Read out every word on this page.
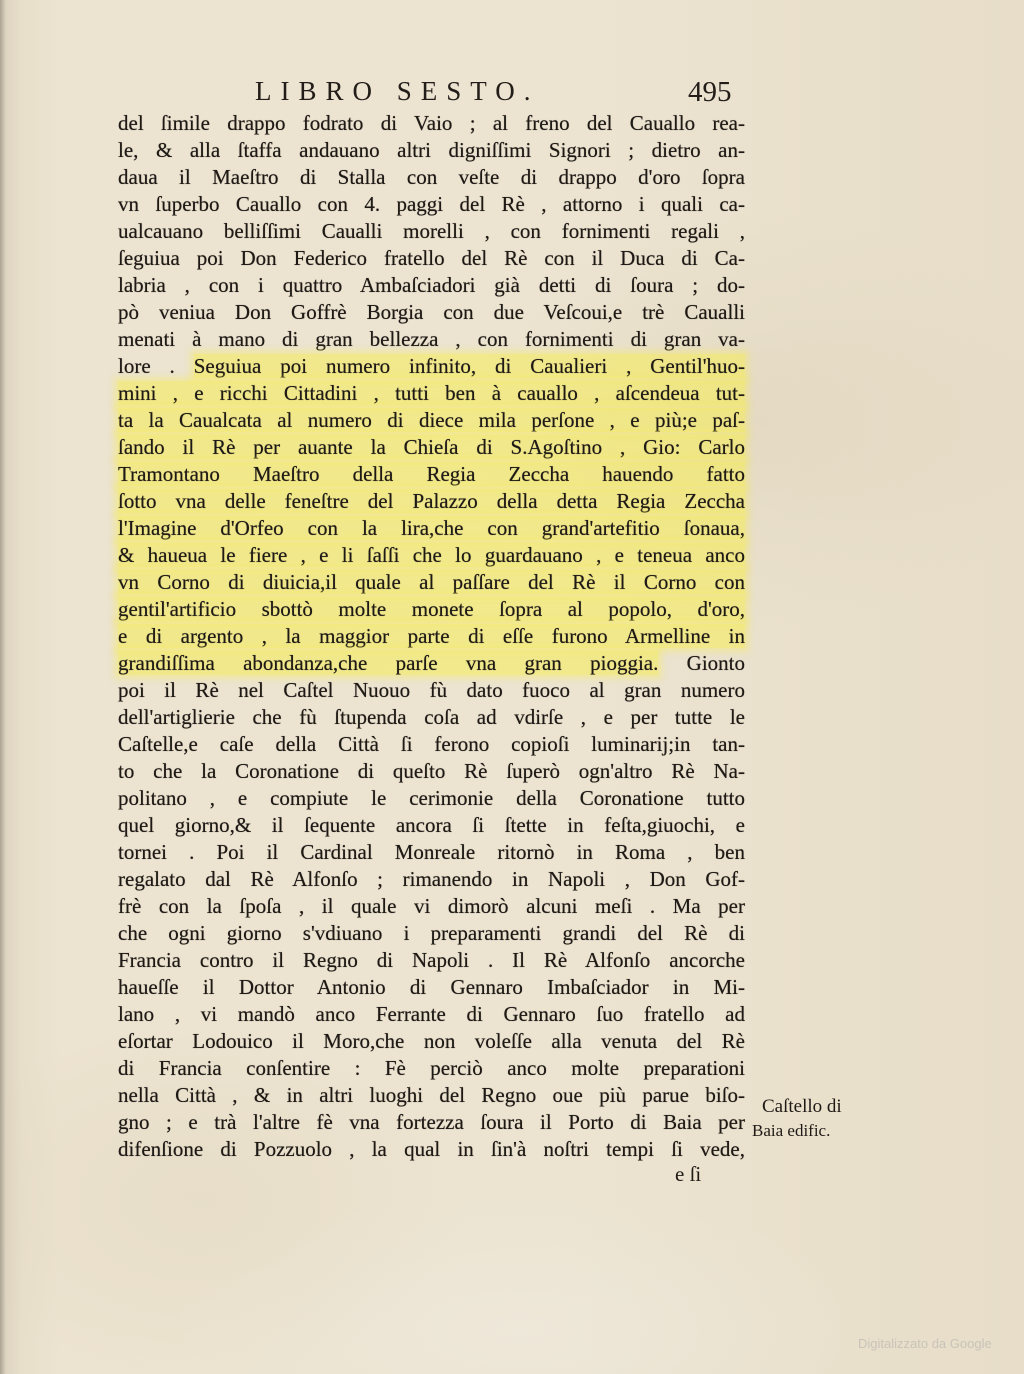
LIBRO SESTO.	495
del ſimile drappo fodrato di Vaio ; al freno del Cauallo rea-
le, & alla ſtaffa andauano altri digniſſimi Signori ; dietro an-
daua il Maeſtro di Stalla con veſte di drappo d'oro ſopra
vn ſuperbo Cauallo con 4. paggi del Rè , attorno i quali ca-
ualcauano belliſſimi Caualli morelli , con fornimenti regali ,
ſeguiua poi Don Federico fratello del Rè con il Duca di Ca-
labria , con i quattro Ambaſciadori già detti di ſoura ; do-
pò veniua Don Goffrè Borgia con due Veſcoui,e trè Caualli
menati à mano di gran bellezza , con fornimenti di gran va-
lore . Seguiua poi numero infinito, di Caualieri , Gentil'huo-
mini , e ricchi Cittadini , tutti ben à cauallo , aſcendeua tut-
ta la Caualcata al numero di diece mila perſone , e più;e paſ-
ſando il Rè per auante la Chieſa di S.Agoſtino , Gio: Carlo
Tramontano Maeſtro della Regia Zeccha hauendo fatto
ſotto vna delle feneſtre del Palazzo della detta Regia Zeccha
l'Imagine d'Orfeo con la lira,che con grand'artefitio ſonaua,
& haueua le fiere , e li ſaſſi che lo guardauano , e teneua anco
vn Corno di diuicia,il quale al paſſare del Rè il Corno con
gentil'artificio sbottò molte monete ſopra al popolo, d'oro,
e di argento , la maggior parte di eſſe furono Armelline in
grandiſſima abondanza,che parſe vna gran pioggia. Gionto
poi il Rè nel Caſtel Nuouo fù dato fuoco al gran numero
dell'artiglierie che fù ſtupenda coſa ad vdirſe , e per tutte le
Caſtelle,e caſe della Città ſi ferono copioſi luminarij;in tan-
to che la Coronatione di queſto Rè ſuperò ogn'altro Rè Na-
politano , e compiute le cerimonie della Coronatione tutto
quel giorno,& il ſequente ancora ſi ſtette in feſta,giuochi, e
tornei . Poi il Cardinal Monreale ritornò in Roma , ben
regalato dal Rè Alfonſo ; rimanendo in Napoli , Don Gof-
frè con la ſpoſa , il quale vi dimorò alcuni meſi . Ma per
che ogni giorno s'vdiuano i preparamenti grandi del Rè di
Francia contro il Regno di Napoli . Il Rè Alfonſo ancorche
haueſſe il Dottor Antonio di Gennaro Imbaſciador in Mi-
lano , vi mandò anco Ferrante di Gennaro ſuo fratello ad
eſortar Lodouico il Moro,che non voleſſe alla venuta del Rè
di Francia conſentire : Fè perciò anco molte preparationi
nella Città , & in altri luoghi del Regno oue più parue biſo-
gno ; e trà l'altre fè vna fortezza ſoura il Porto di Baia per
difenſione di Pozzuolo , la qual in ſin'à noſtri tempi ſi vede,
e ſi
Caſtello di
Baia edific.
Digitalizzato da Google
